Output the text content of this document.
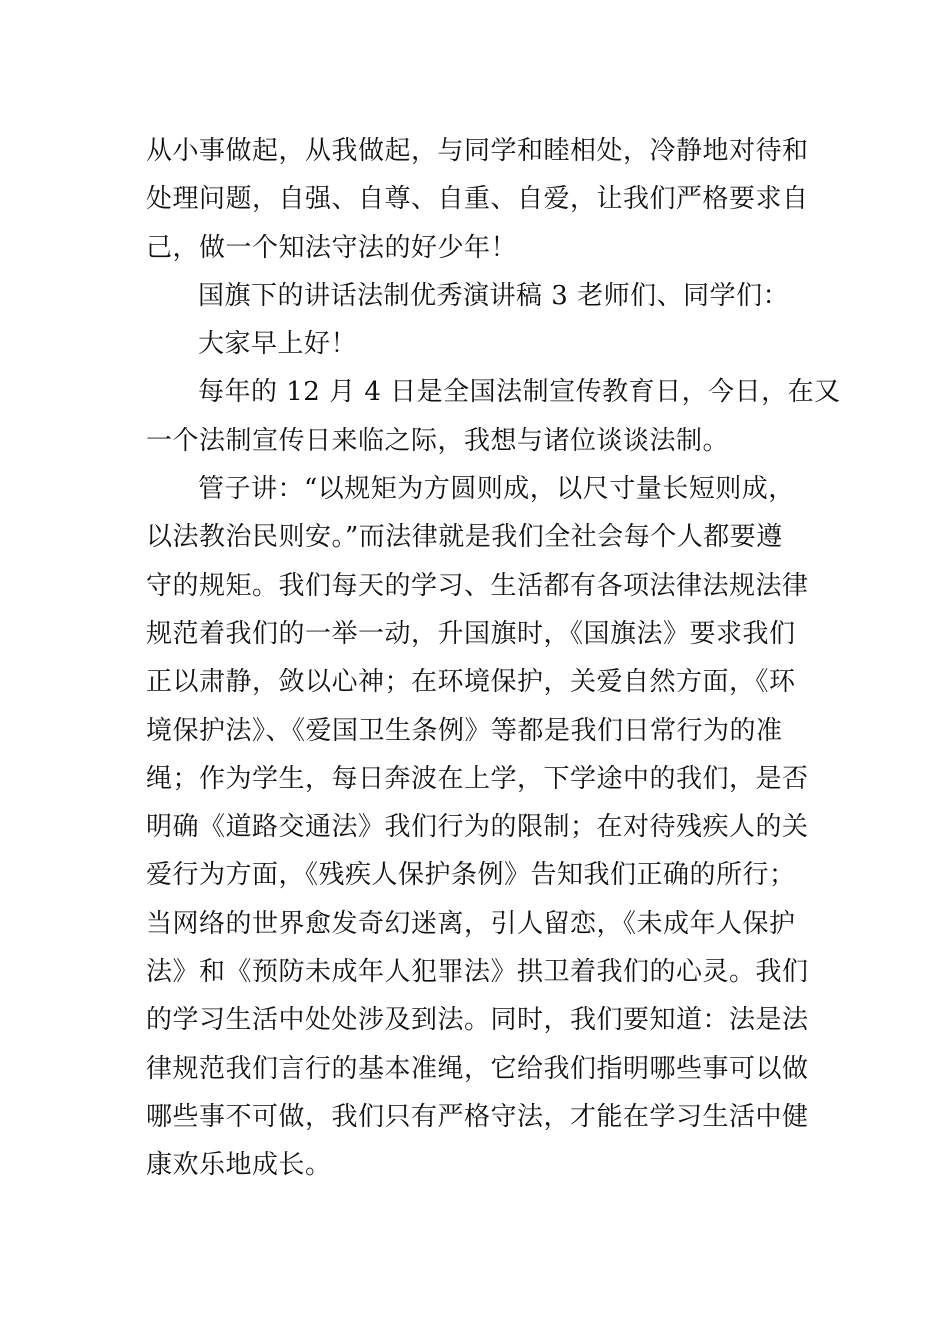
从小事做起，从我做起，与同学和睦相处，冷静地对待和
处理问题，自强、自尊、自重、自爱，让我们严格要求自
己，做一个知法守法的好少年！
国旗下的讲话法制优秀演讲稿 3 老师们、同学们：
大家早上好！
每年的 12 月 4 日是全国法制宣传教育日，今日，在又
一个法制宣传日来临之际，我想与诸位谈谈法制。
管子讲：“以规矩为方圆则成，以尺寸量长短则成，
以法教治民则安。”而法律就是我们全社会每个人都要遵
守的规矩。我们每天的学习、生活都有各项法律法规法律
规范着我们的一举一动，升国旗时，《国旗法》要求我们
正以肃静，敛以心神；在环境保护，关爱自然方面，《环
境保护法》、《爱国卫生条例》等都是我们日常行为的准
绳；作为学生，每日奔波在上学，下学途中的我们，是否
明确《道路交通法》我们行为的限制；在对待残疾人的关
爱行为方面，《残疾人保护条例》告知我们正确的所行；
当网络的世界愈发奇幻迷离，引人留恋，《未成年人保护
法》和《预防未成年人犯罪法》拱卫着我们的心灵。我们
的学习生活中处处涉及到法。同时，我们要知道：法是法
律规范我们言行的基本准绳，它给我们指明哪些事可以做
哪些事不可做，我们只有严格守法，才能在学习生活中健
康欢乐地成长。
